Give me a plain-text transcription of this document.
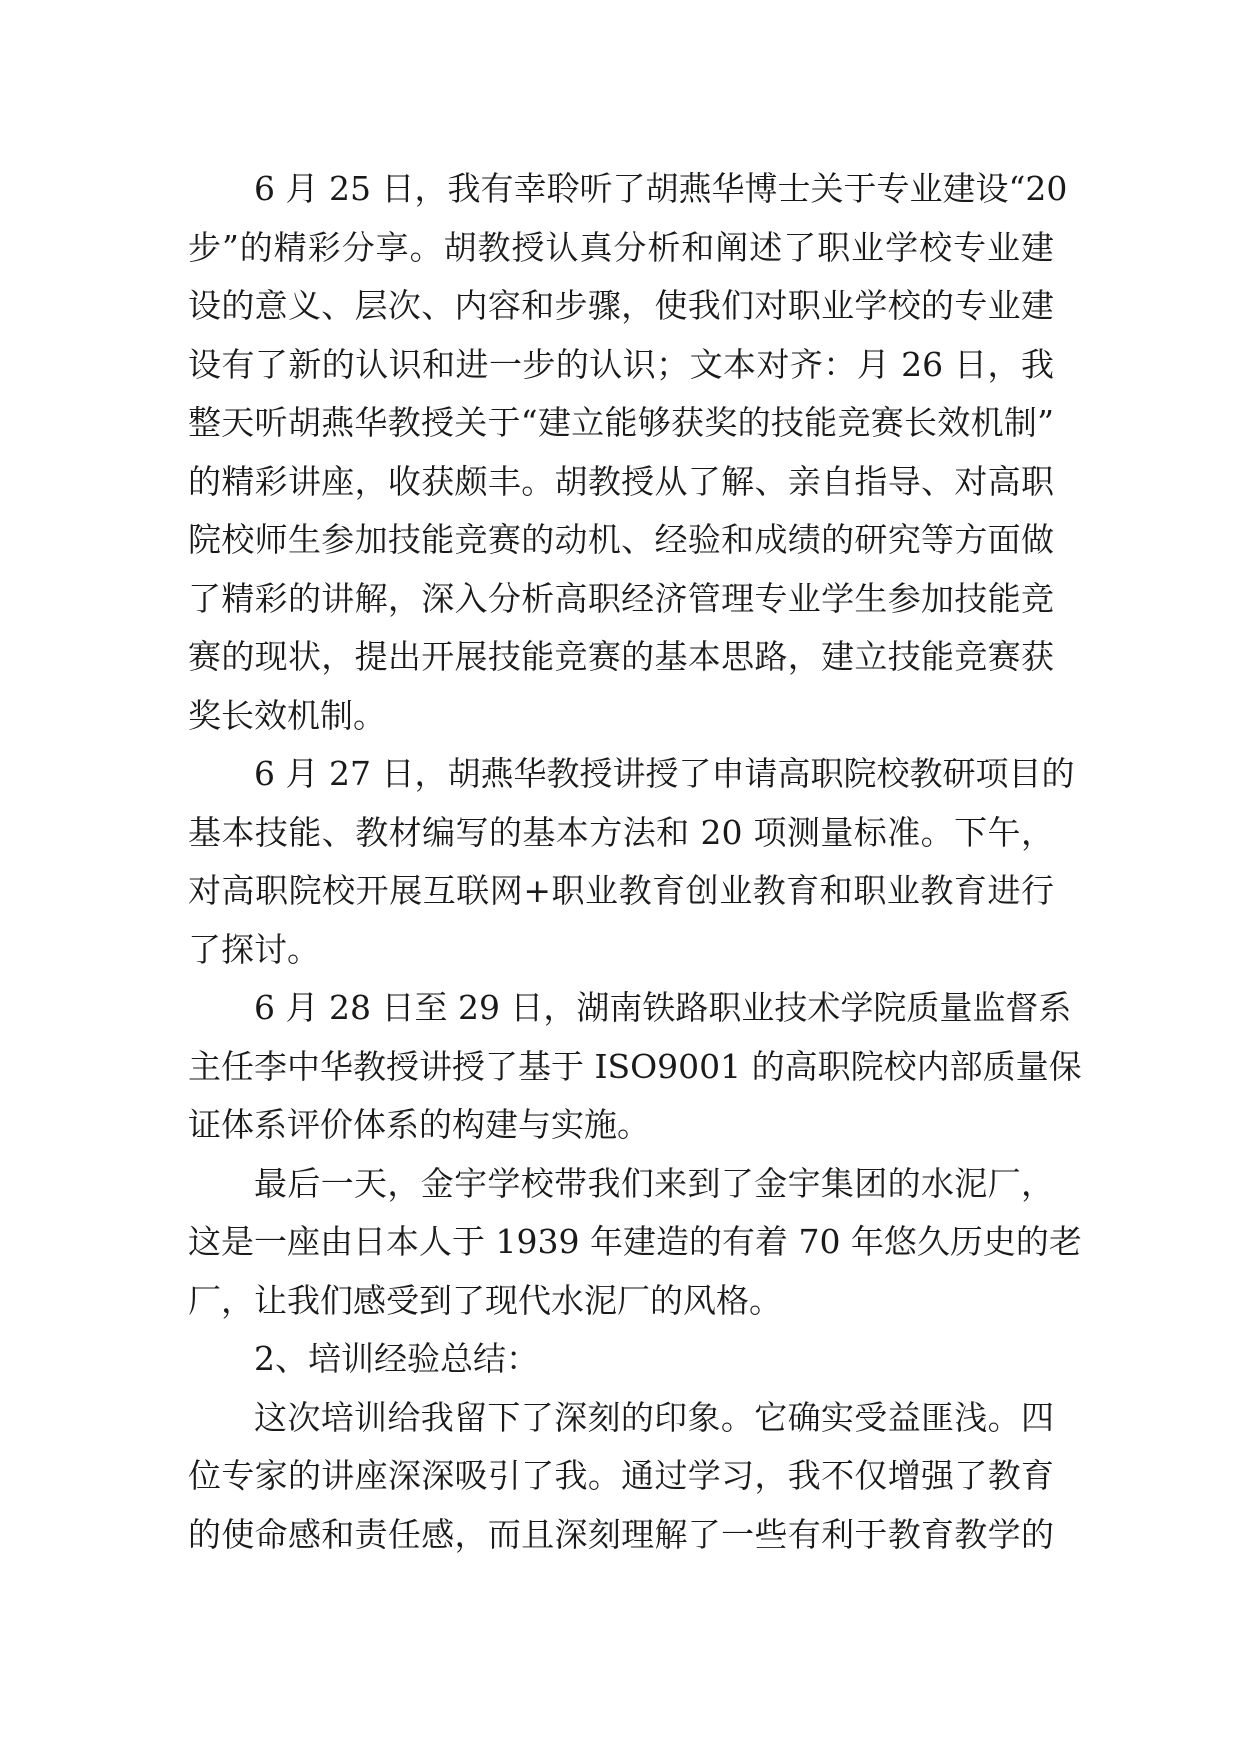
6 月 25 日，我有幸聆听了胡燕华博士关于专业建设“20
步”的精彩分享。胡教授认真分析和阐述了职业学校专业建
设的意义、层次、内容和步骤，使我们对职业学校的专业建
设有了新的认识和进一步的认识；文本对齐：月 26 日，我
整天听胡燕华教授关于“建立能够获奖的技能竞赛长效机制”
的精彩讲座，收获颇丰。胡教授从了解、亲自指导、对高职
院校师生参加技能竞赛的动机、经验和成绩的研究等方面做
了精彩的讲解，深入分析高职经济管理专业学生参加技能竞
赛的现状，提出开展技能竞赛的基本思路，建立技能竞赛获
奖长效机制。
6 月 27 日，胡燕华教授讲授了申请高职院校教研项目的
基本技能、教材编写的基本方法和 20 项测量标准。下午，
对高职院校开展互联网+职业教育创业教育和职业教育进行
了探讨。
6 月 28 日至 29 日，湖南铁路职业技术学院质量监督系
主任李中华教授讲授了基于 ISO9001 的高职院校内部质量保
证体系评价体系的构建与实施。
最后一天，金宇学校带我们来到了金宇集团的水泥厂，
这是一座由日本人于 1939 年建造的有着 70 年悠久历史的老
厂，让我们感受到了现代水泥厂的风格。
2、培训经验总结：
这次培训给我留下了深刻的印象。它确实受益匪浅。四
位专家的讲座深深吸引了我。通过学习，我不仅增强了教育
的使命感和责任感，而且深刻理解了一些有利于教育教学的
